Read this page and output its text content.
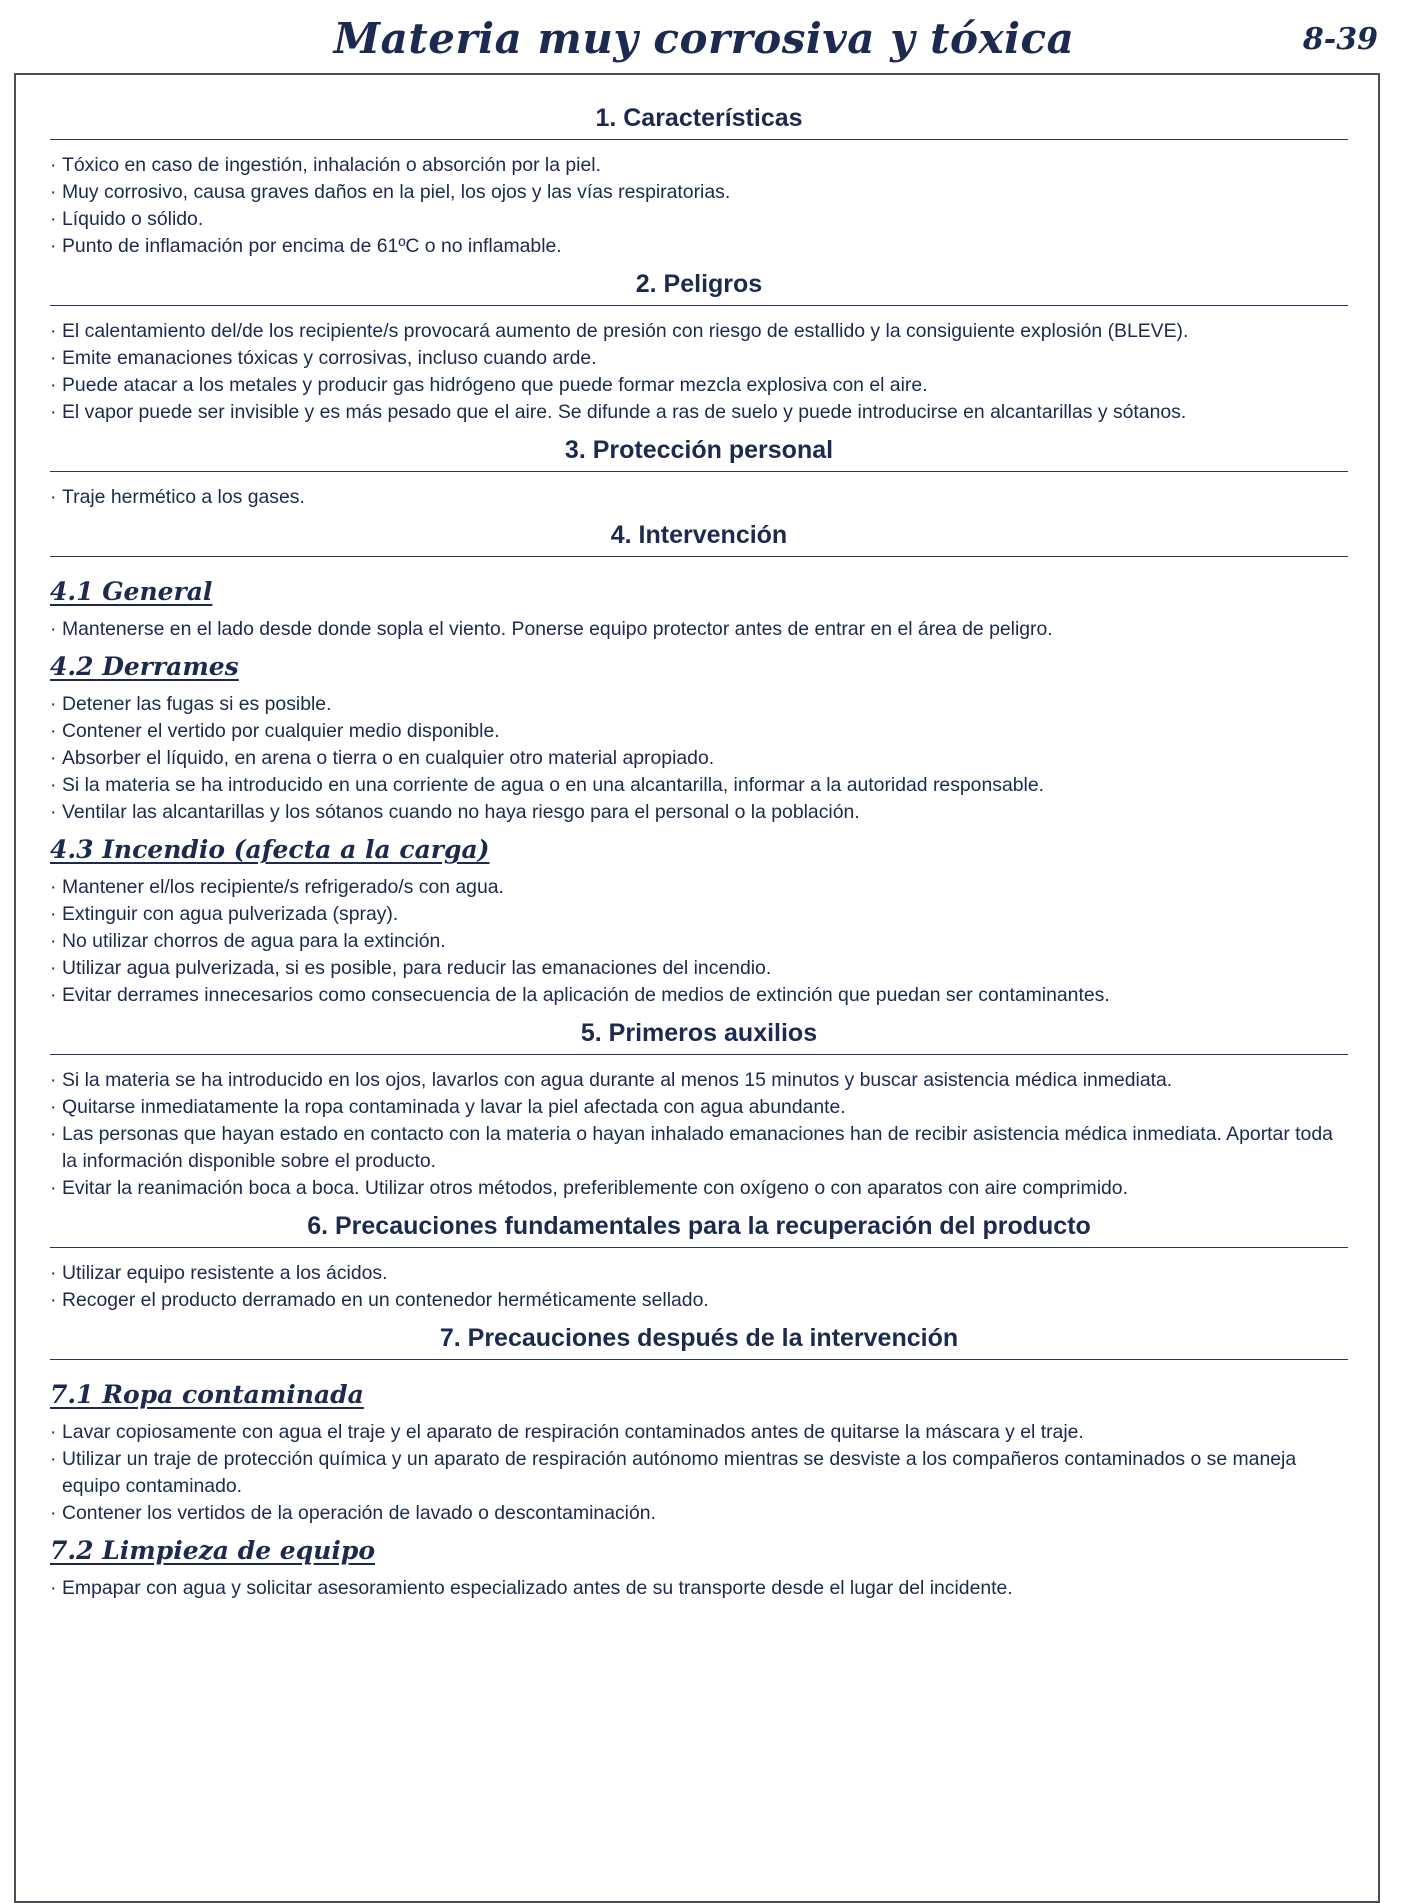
Materia muy corrosiva y tóxica	8-39
1. Características
· Tóxico en caso de ingestión, inhalación o absorción por la piel.
· Muy corrosivo, causa graves daños en la piel, los ojos y las vías respiratorias.
· Líquido o sólido.
· Punto de inflamación por encima de 61ºC o no inflamable.
2. Peligros
· El calentamiento del/de los recipiente/s provocará aumento de presión con riesgo de estallido y la consiguiente explosión (BLEVE).
· Emite emanaciones tóxicas y corrosivas, incluso cuando arde.
· Puede atacar a los metales y producir gas hidrógeno que puede formar mezcla explosiva con el aire.
· El vapor puede ser invisible y es más pesado que el aire. Se difunde a ras de suelo y puede introducirse en alcantarillas y sótanos.
3. Protección personal
· Traje hermético a los gases.
4. Intervención
4.1 General
· Mantenerse en el lado desde donde sopla el viento. Ponerse equipo protector antes de entrar en el área de peligro.
4.2 Derrames
· Detener las fugas si es posible.
· Contener el vertido por cualquier medio disponible.
· Absorber el líquido, en arena o tierra o en cualquier otro material apropiado.
· Si la materia se ha introducido en una corriente de agua o en una alcantarilla, informar a la autoridad responsable.
· Ventilar las alcantarillas y los sótanos cuando no haya riesgo para el personal o la población.
4.3 Incendio (afecta a la carga)
· Mantener el/los recipiente/s refrigerado/s con agua.
· Extinguir con agua pulverizada (spray).
· No utilizar chorros de agua para la extinción.
· Utilizar agua pulverizada, si es posible, para reducir las emanaciones del incendio.
· Evitar derrames innecesarios como consecuencia de la aplicación de medios de extinción que puedan ser contaminantes.
5. Primeros auxilios
· Si la materia se ha introducido en los ojos, lavarlos con agua durante al menos 15 minutos y buscar asistencia médica inmediata.
· Quitarse inmediatamente la ropa contaminada y lavar la piel afectada con agua abundante.
· Las personas que hayan estado en contacto con la materia o hayan inhalado emanaciones han de recibir asistencia médica inmediata. Aportar toda la información disponible sobre el producto.
· Evitar la reanimación boca a boca. Utilizar otros métodos, preferiblemente con oxígeno o con aparatos con aire comprimido.
6. Precauciones fundamentales para la recuperación del producto
· Utilizar equipo resistente a los ácidos.
· Recoger el producto derramado en un contenedor herméticamente sellado.
7. Precauciones después de la intervención
7.1 Ropa contaminada
· Lavar copiosamente con agua el traje y el aparato de respiración contaminados antes de quitarse la máscara y el traje.
· Utilizar un traje de protección química y un aparato de respiración autónomo mientras se desviste a los compañeros contaminados o se maneja equipo contaminado.
· Contener los vertidos de la operación de lavado o descontaminación.
7.2 Limpieza de equipo
· Empapar con agua y solicitar asesoramiento especializado antes de su transporte desde el lugar del incidente.
